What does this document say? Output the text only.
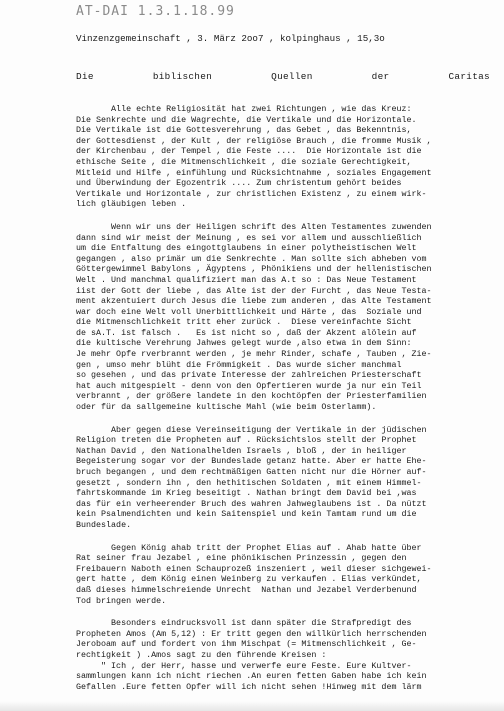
AT-DAI 1.3.1.18.99
Vinzenzgemeinschaft , 3. März 2oo7 , kolpinghaus , 15,3o
Die	biblischen	Quellen	der	Caritas
Alle echte Religiosität hat zwei Richtungen , wie das Kreuz:
Die Senkrechte und die Wagrechte, die Vertikale und die Horizontale.
Die Vertikale ist die Gottesverehrung , das Gebet , das Bekenntnis,
der Gottesdienst , der Kult , der religiöse Brauch , die fromme Musik ,
der Kirchenbau , der Tempel , die Feste ....  Die Horizontale ist die
ethische Seite , die Mitmenschlichkeit , die soziale Gerechtigkeit,
Mitleid und Hilfe , einfühlung und Rücksichtnahme , soziales Engagement
und Überwindung der Egozentrik .... Zum christentum gehört beides
Vertikale und Horizontale , zur christlichen Existenz , zu einem wirk-
lich gläubigen leben .
Wenn wir uns der Heiligen schrift des Alten Testamentes zuwenden
dann sind wir meist der Meinung , es sei vor allem und ausschließlich
um die Entfaltung des eingottglaubens in einer polytheistischen Welt
gegangen , also primär um die Senkrechte . Man sollte sich abheben vom
Göttergewimmel Babylons , Ägyptens , Phönikiens und der hellenistischen
Welt . Und manchmal qualifiziert man das A.t so : Das Neue Testament
iist der Gott der liebe , das Alte ist der der Furcht , das Neue Testa-
ment akzentuiert durch Jesus die liebe zum anderen , das Alte Testament
war doch eine Welt voll Unerbittlichkeit und Härte , das  Soziale und
die Mitmenschlichkeit tritt eher zurück .  Diese vereinfachte Sicht
de sA.T. ist falsch .   Es ist nicht so , daß der Akzent alölein auf
die kultische Verehrung Jahwes gelegt wurde ,also etwa in dem Sinn:
Je mehr Opfe rverbrannt werden , je mehr Rinder, schafe , Tauben , Zie-
gen , umso mehr blüht die Frömmigkeit . Das wurde sicher manchmal
so gesehen , und das private Interesse der zahlreichen Priesterschaft
hat auch mitgespielt - denn von den Opfertieren wurde ja nur ein Teil
verbrannt , der größere landete in den kochtöpfen der Priesterfamilien
oder für da sallgemeine kultische Mahl (wie beim Osterlamm).
Aber gegen diese Vereinseitigung der Vertikale in der jüdischen
Religion treten die Propheten auf . Rücksichtslos stellt der Prophet
Nathan David , den Nationalhelden Israels , bloß , der in heiliger
Begeisterung sogar vor der Bundeslade getanz hatte. Aber er hatte Ehe-
bruch begangen , und dem rechtmäßigen Gatten nicht nur die Hörner auf-
gesetzt , sondern ihn , den hethitischen Soldaten , mit einem Himmel-
fahrtskommande im Krieg beseitigt . Nathan bringt dem David bei ,was
das für ein verheerender Bruch des wahren Jahweglaubens ist . Da nützt
kein Psalmendichten und kein Saitenspiel und kein Tamtam rund um die
Bundeslade.
Gegen König ahab tritt der Prophet Elias auf . Ahab hatte über
Rat seiner frau Jezabel , eine phönikischen Prinzessin , gegen den
Freibauern Naboth einen Schauprozeß inszeniert , weil dieser sichgewei-
gert hatte , dem König einen Weinberg zu verkaufen . Elias verkündet,
daß dieses himmelschreiende Unrecht  Nathan und Jezabel Verderbenund
Tod bringen werde.
Besonders eindrucksvoll ist dann später die Strafpredigt des
Propheten Amos (Am 5,12) : Er tritt gegen den willkürlich herrschenden
Jeroboam auf und fordert von ihm Mischpat (= Mitmenschlichkeit , Ge-
rechtigkeit ) .Amos sagt zu den führende Kreisen :
" Ich , der Herr, hasse und verwerfe eure Feste. Eure Kultver-
sammlungen kann ich nicht riechen .An euren fetten Gaben habe ich kein
Gefallen .Eure fetten Opfer will ich nicht sehen !Hinweg mit dem lärm
